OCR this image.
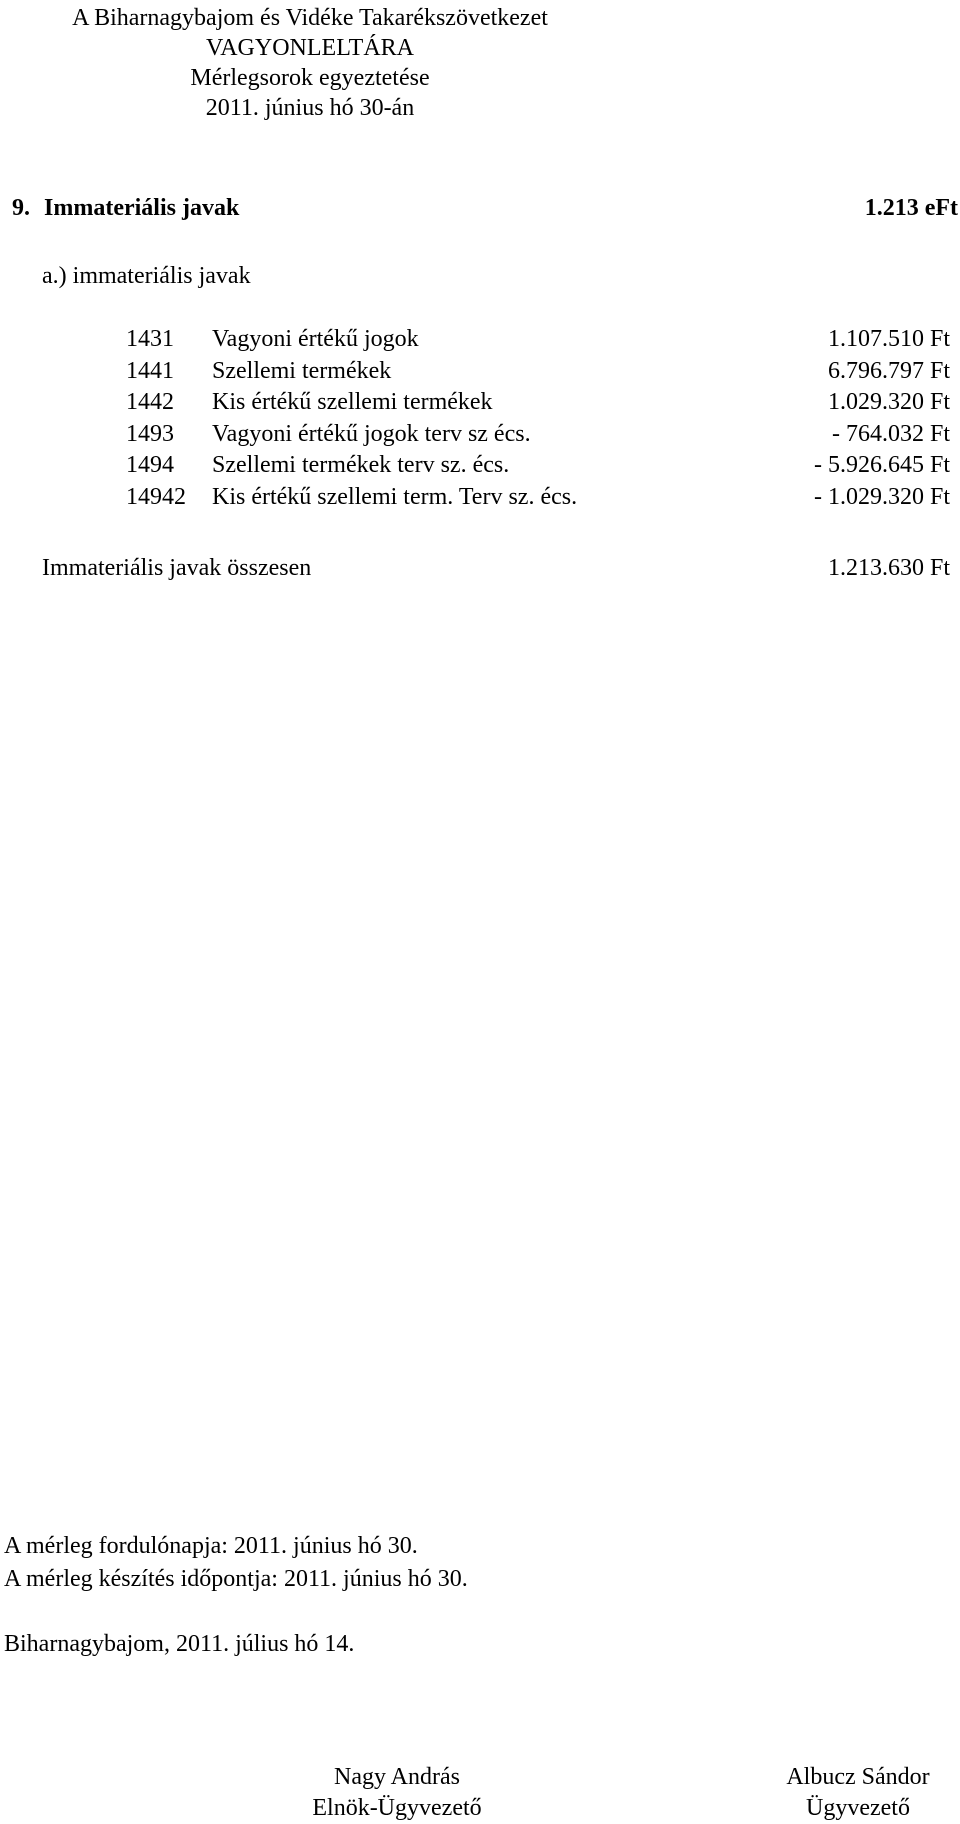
A Biharnagybajom és Vidéke Takarékszövetkezet
VAGYONLELTÁRA
Mérlegsorok egyeztetése
2011. június hó 30-án
9. Immateriális javak	1.213 eFt
a.) immateriális javak
1431 Vagyoni értékű jogok	1.107.510 Ft
1441 Szellemi termékek	6.796.797 Ft
1442 Kis értékű szellemi termékek	1.029.320 Ft
1493 Vagyoni értékű jogok terv sz écs.	- 764.032 Ft
1494 Szellemi termékek terv sz. écs.	- 5.926.645 Ft
14942 Kis értékű szellemi term. Terv sz. écs.	- 1.029.320 Ft
Immateriális javak összesen	1.213.630 Ft
A mérleg fordulónapja: 2011. június hó 30.
A mérleg készítés időpontja: 2011. június hó 30.
Biharnagybajom, 2011. július hó 14.
Nagy András
Elnök-Ügyvezető
Albucz Sándor
Ügyvezető
